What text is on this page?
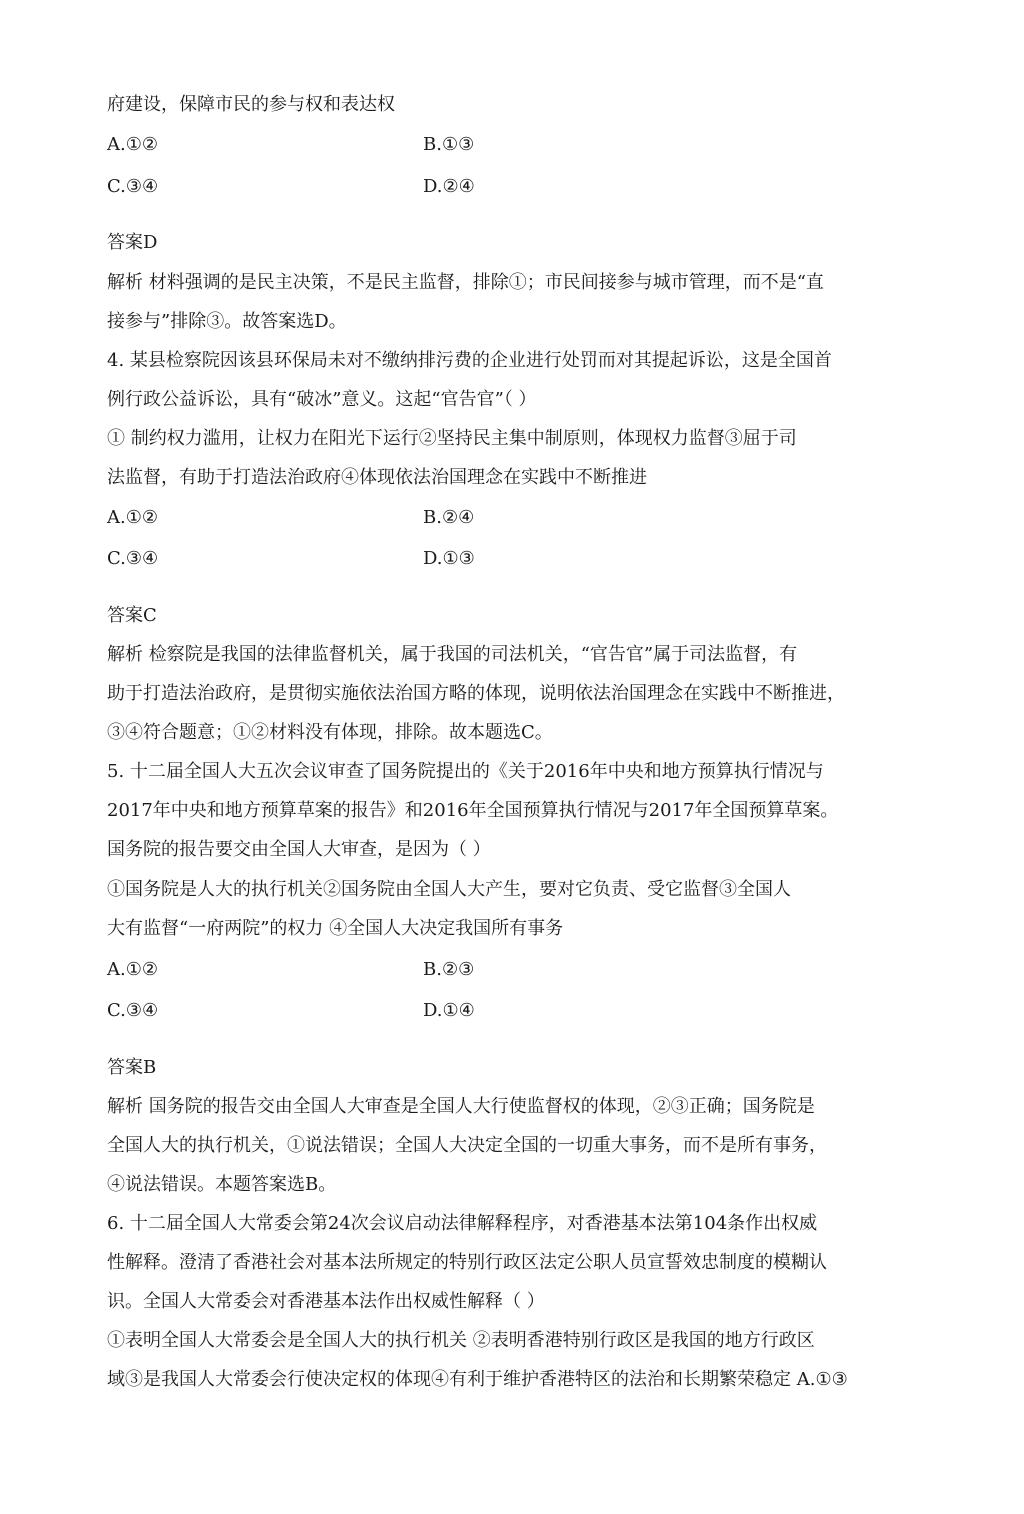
府建设，保障市民的参与权和表达权
A.①②	B.①③
C.③④	D.②④
答案D
解析 材料强调的是民主决策，不是民主监督，排除①；市民间接参与城市管理，而不是“直
接参与”排除③。故答案选D。
4. 某县检察院因该县环保局未对不缴纳排污费的企业进行处罚而对其提起诉讼，这是全国首
例行政公益诉讼，具有“破冰”意义。这起“官告官”（ ）
① 制约权力滥用，让权力在阳光下运行②坚持民主集中制原则，体现权力监督③屈于司
法监督，有助于打造法治政府④体现依法治国理念在实践中不断推进
A.①②	B.②④
C.③④	D.①③
答案C
解析 检察院是我国的法律监督机关，属于我国的司法机关，“官告官”属于司法监督，有
助于打造法治政府，是贯彻实施依法治国方略的体现，说明依法治国理念在实践中不断推进，
③④符合题意；①②材料没有体现，排除。故本题选C。
5. 十二届全国人大五次会议审查了国务院提出的《关于2016年中央和地方预算执行情况与
2017年中央和地方预算草案的报告》和2016年全国预算执行情况与2017年全国预算草案。
国务院的报告要交由全国人大审查，是因为（ ）
①国务院是人大的执行机关②国务院由全国人大产生，要对它负责、受它监督③全国人
大有监督“一府两院”的权力 ④全国人大决定我国所有事务
A.①②	B.②③
C.③④	D.①④
答案B
解析 国务院的报告交由全国人大审查是全国人大行使监督权的体现，②③正确；国务院是
全国人大的执行机关，①说法错误；全国人大决定全国的一切重大事务，而不是所有事务，
④说法错误。本题答案选B。
6. 十二届全国人大常委会第24次会议启动法律解释程序，对香港基本法第104条作出权威
性解释。澄清了香港社会对基本法所规定的特别行政区法定公职人员宣誓效忠制度的模糊认
识。全国人大常委会对香港基本法作出权威性解释（ ）
①表明全国人大常委会是全国人大的执行机关 ②表明香港特别行政区是我国的地方行政区
域③是我国人大常委会行使决定权的体现④有利于维护香港特区的法治和长期繁荣稳定 A.①③
